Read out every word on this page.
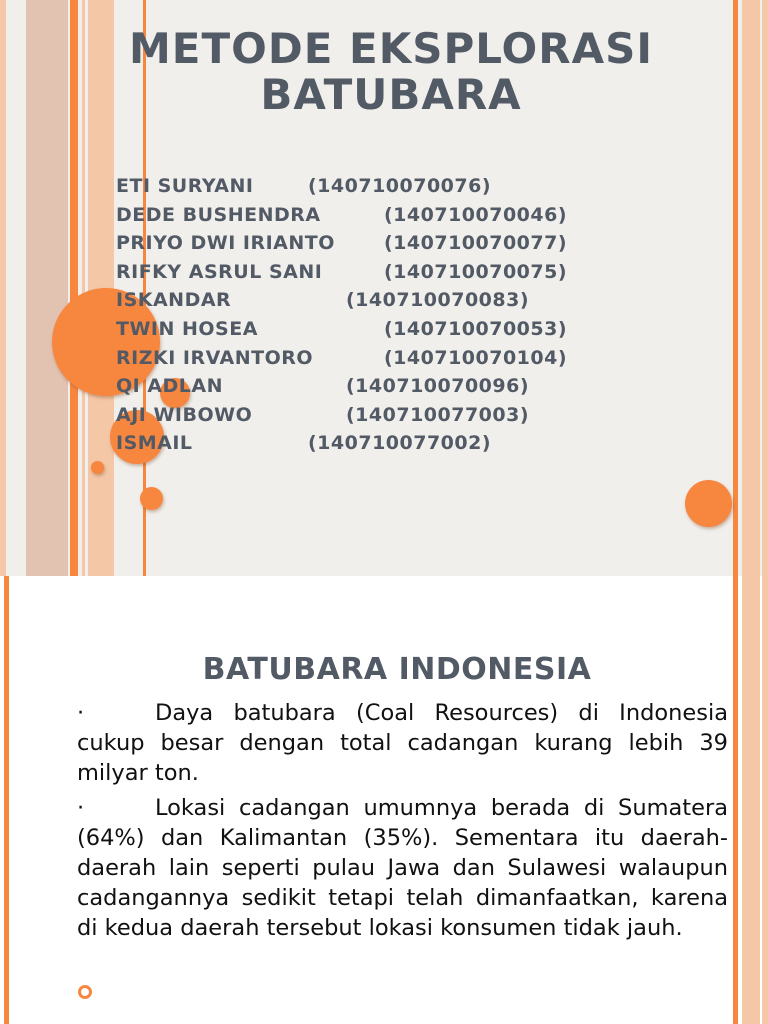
METODE EKSPLORASI
BATUBARA
ETI SURYANI	(140710070076)
DEDE BUSHENDRA	(140710070046)
PRIYO DWI IRIANTO	(140710070077)
RIFKY ASRUL SANI	(140710070075)
ISKANDAR	(140710070083)
TWIN HOSEA	(140710070053)
RIZKI IRVANTORO	(140710070104)
QI ADLAN	(140710070096)
AJI WIBOWO	(140710077003)
ISMAIL	(140710077002)
BATUBARA INDONESIA
·	Daya batubara (Coal Resources) di Indonesia cukup besar dengan total cadangan kurang lebih 39 milyar ton.
·	Lokasi cadangan umumnya berada di Sumatera (64%) dan Kalimantan (35%). Sementara itu daerah-daerah lain seperti pulau Jawa dan Sulawesi walaupun cadangannya sedikit tetapi telah dimanfaatkan, karena di kedua daerah tersebut lokasi konsumen tidak jauh.
